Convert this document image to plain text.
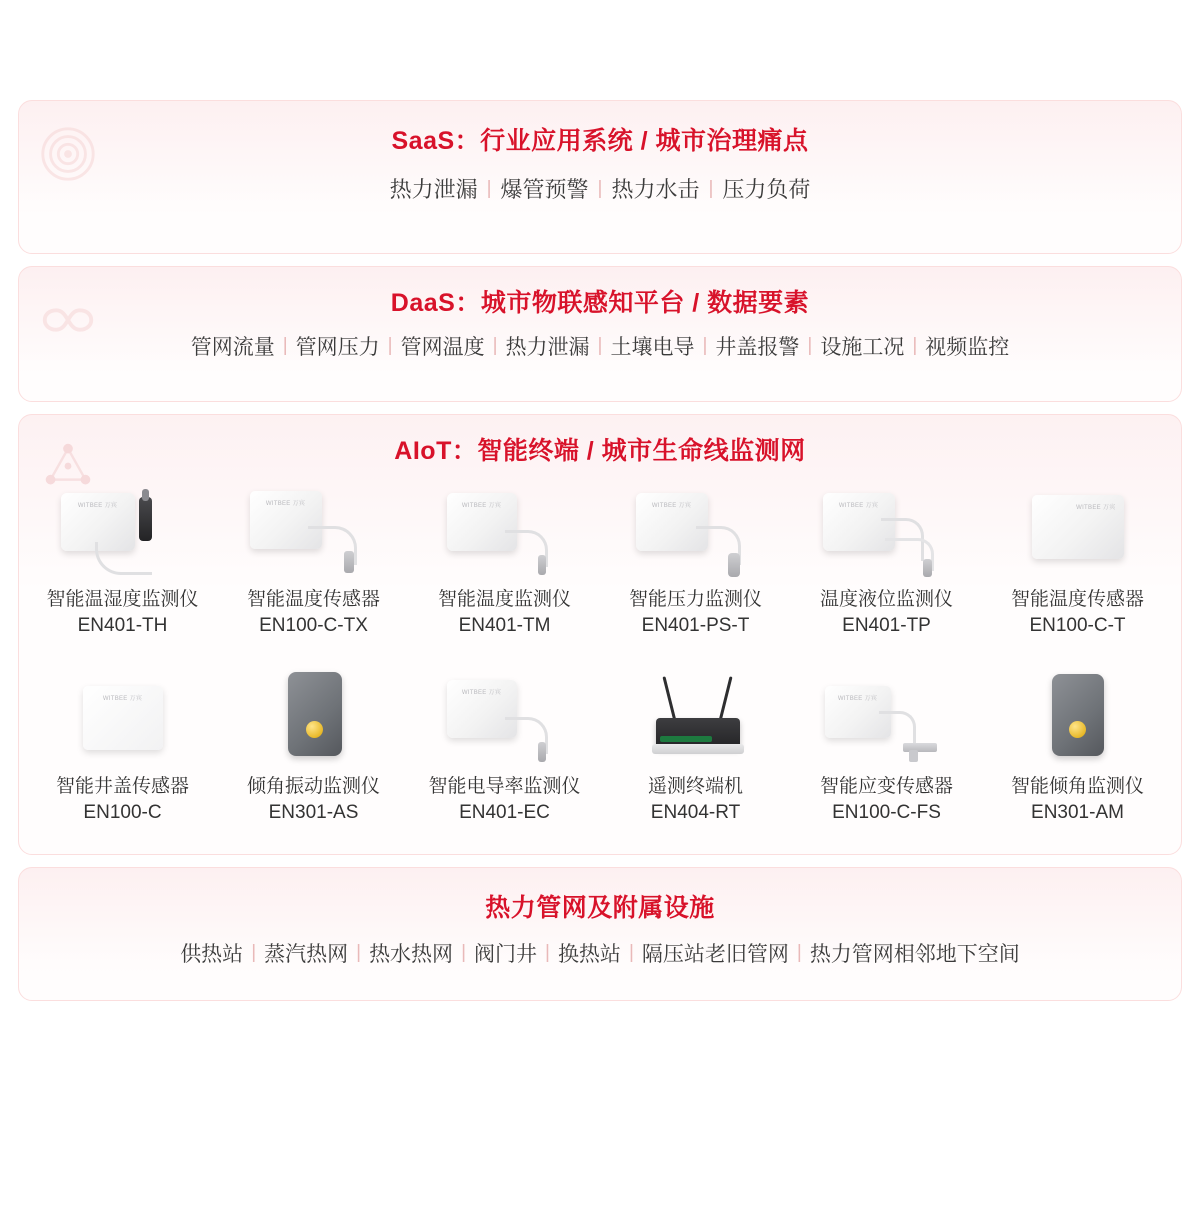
SaaS：行业应用系统 / 城市治理痛点
热力泄漏 | 爆管预警 | 热力水击 | 压力负荷
DaaS：城市物联感知平台 / 数据要素
管网流量 | 管网压力 | 管网温度 | 热力泄漏 | 土壤电导 | 井盖报警 | 设施工况 | 视频监控
AIoT：智能终端 / 城市生命线监测网
WITBEE 万宾
智能温湿度监测仪
EN401-TH
WITBEE 万宾
智能温度传感器
EN100-C-TX
WITBEE 万宾
智能温度监测仪
EN401-TM
WITBEE 万宾
智能压力监测仪
EN401-PS-T
WITBEE 万宾
温度液位监测仪
EN401-TP
WITBEE 万宾
智能温度传感器
EN100-C-T
WITBEE 万宾
智能井盖传感器
EN100-C
倾角振动监测仪
EN301-AS
WITBEE 万宾
智能电导率监测仪
EN401-EC
遥测终端机
EN404-RT
WITBEE 万宾
智能应变传感器
EN100-C-FS
智能倾角监测仪
EN301-AM
热力管网及附属设施
供热站 | 蒸汽热网 | 热水热网 | 阀门井 | 换热站 | 隔压站老旧管网 | 热力管网相邻地下空间
